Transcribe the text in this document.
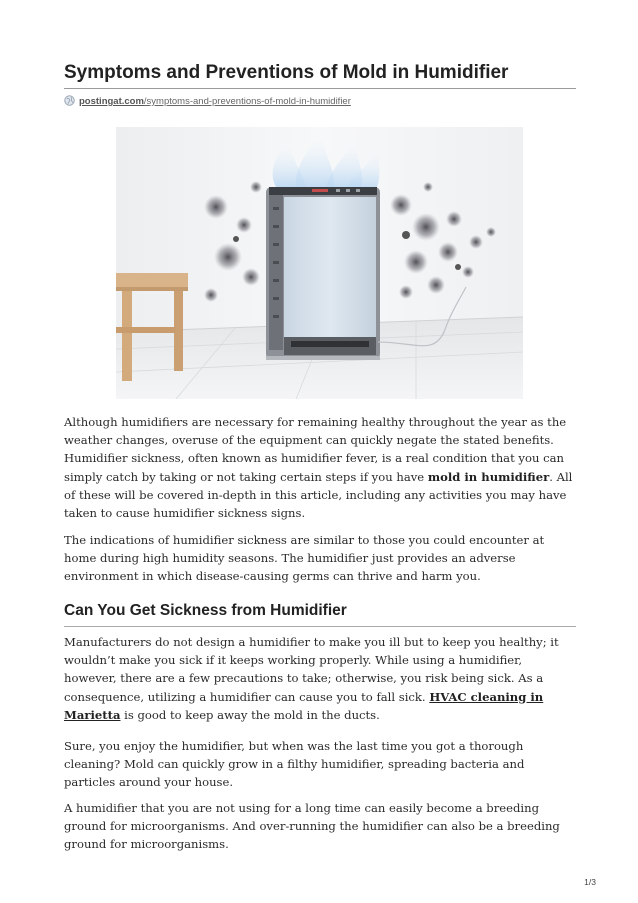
Symptoms and Preventions of Mold in Humidifier
postingat.com/symptoms-and-preventions-of-mold-in-humidifier

Although humidifiers are necessary for remaining healthy throughout the year as the weather changes, overuse of the equipment can quickly negate the stated benefits. Humidifier sickness, often known as humidifier fever, is a real condition that you can simply catch by taking or not taking certain steps if you have mold in humidifier. All of these will be covered in-depth in this article, including any activities you may have taken to cause humidifier sickness signs.

The indications of humidifier sickness are similar to those you could encounter at home during high humidity seasons. The humidifier just provides an adverse environment in which disease-causing germs can thrive and harm you.

Can You Get Sickness from Humidifier

Manufacturers do not design a humidifier to make you ill but to keep you healthy; it wouldn’t make you sick if it keeps working properly. While using a humidifier, however, there are a few precautions to take; otherwise, you risk being sick. As a consequence, utilizing a humidifier can cause you to fall sick. HVAC cleaning in Marietta is good to keep away the mold in the ducts.

Sure, you enjoy the humidifier, but when was the last time you got a thorough cleaning? Mold can quickly grow in a filthy humidifier, spreading bacteria and particles around your house.

A humidifier that you are not using for a long time can easily become a breeding ground for microorganisms. And over-running the humidifier can also be a breeding ground for microorganisms.

1/3
